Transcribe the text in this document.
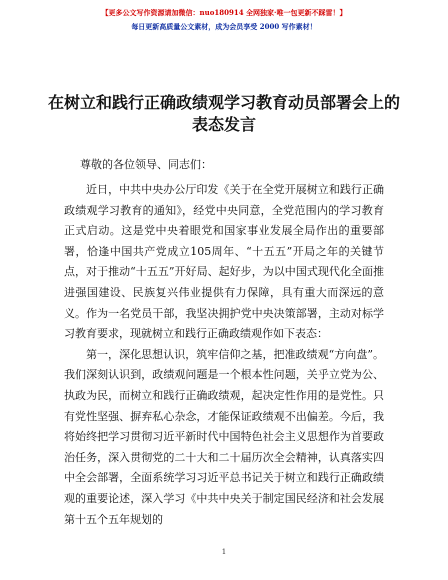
【更多公文写作资源请加微信：nuo180914 全网独家·唯一包更新不踩雷！】
每日更新高质量公文素材，成为会员享受 2000 写作素材！
在树立和践行正确政绩观学习教育动员部署会上的表态发言
尊敬的各位领导、同志们：

近日，中共中央办公厅印发《关于在全党开展树立和践行正确政绩观学习教育的通知》，经党中央同意，全党范围内的学习教育正式启动。这是党中央着眼党和国家事业发展全局作出的重要部署，恰逢中国共产党成立105周年、“十五五”开局之年的关键节点，对于推动“十五五”开好局、起好步，为以中国式现代化全面推进强国建设、民族复兴伟业提供有力保障，具有重大而深远的意义。作为一名党员干部，我坚决拥护党中央决策部署，主动对标学习教育要求，现就树立和践行正确政绩观作如下表态：

第一，深化思想认识，筑牢信仰之基，把准政绩观“方向盘”。我们深刻认识到，政绩观问题是一个根本性问题，关乎立党为公、执政为民，而树立和践行正确政绩观，起决定性作用的是党性。只有党性坚强、摒弃私心杂念，才能保证政绩观不出偏差。今后，我将始终把学习贯彻习近平新时代中国特色社会主义思想作为首要政治任务，深入贯彻党的二十大和二十届历次全会精神，认真落实四中全会部署，全面系统学习习近平总书记关于树立和践行正确政绩观的重要论述，深入学习《中共中央关于制定国民经济和社会发展第十五个五年规划的

1
